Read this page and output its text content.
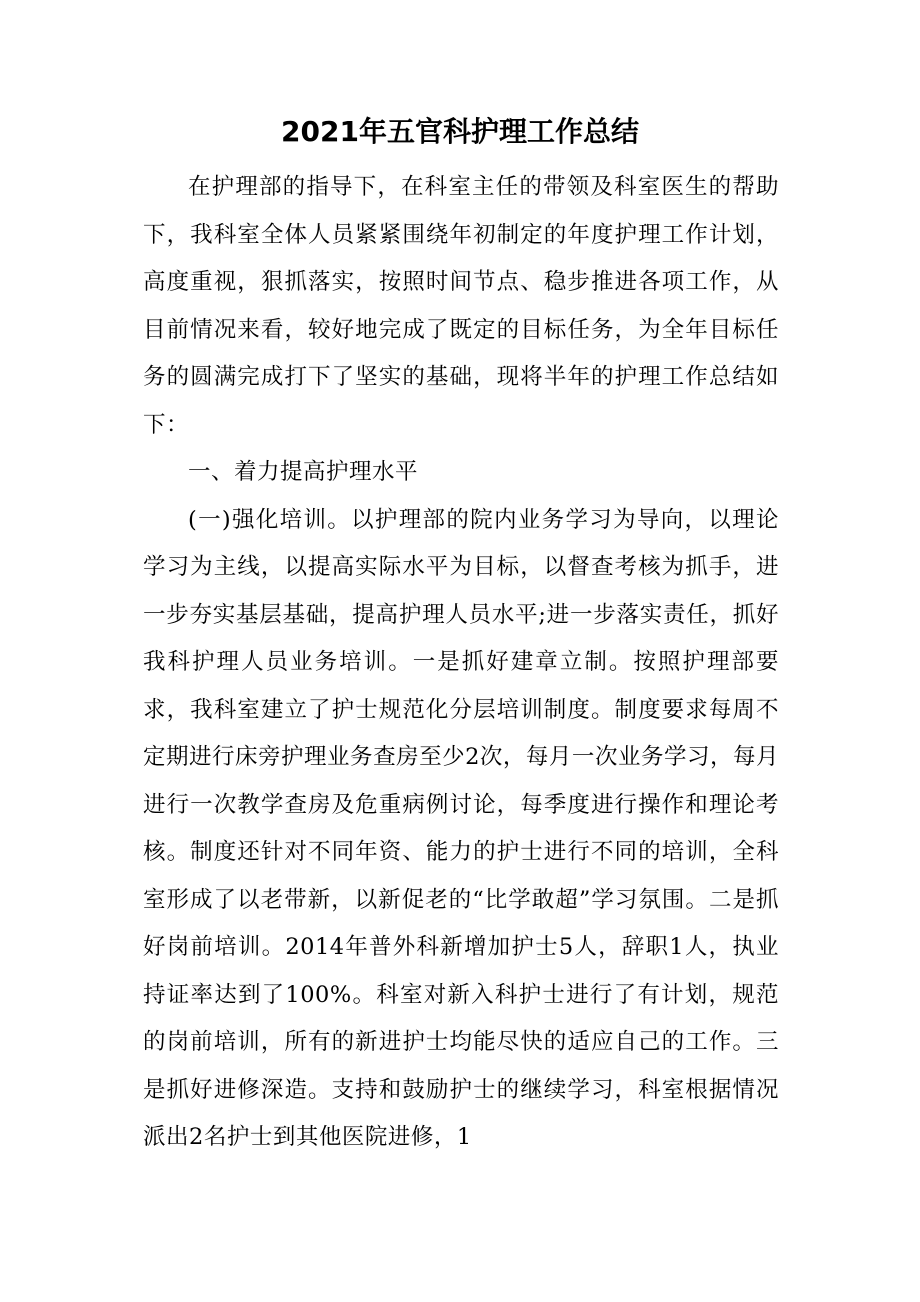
2021年五官科护理工作总结

在护理部的指导下，在科室主任的带领及科室医生的帮助下，我科室全体人员紧紧围绕年初制定的年度护理工作计划，高度重视，狠抓落实，按照时间节点、稳步推进各项工作，从目前情况来看，较好地完成了既定的目标任务，为全年目标任务的圆满完成打下了坚实的基础，现将半年的护理工作总结如下：

一、着力提高护理水平

(一)强化培训。以护理部的院内业务学习为导向，以理论学习为主线，以提高实际水平为目标，以督查考核为抓手，进一步夯实基层基础，提高护理人员水平;进一步落实责任，抓好我科护理人员业务培训。一是抓好建章立制。按照护理部要求，我科室建立了护士规范化分层培训制度。制度要求每周不定期进行床旁护理业务查房至少2次，每月一次业务学习，每月进行一次教学查房及危重病例讨论，每季度进行操作和理论考核。制度还针对不同年资、能力的护士进行不同的培训，全科室形成了以老带新，以新促老的“比学敢超”学习氛围。二是抓好岗前培训。2014年普外科新增加护士5人，辞职1人，执业持证率达到了100%。科室对新入科护士进行了有计划，规范的岗前培训，所有的新进护士均能尽快的适应自己的工作。三是抓好进修深造。支持和鼓励护士的继续学习，科室根据情况派出2名护士到其他医院进修，1
